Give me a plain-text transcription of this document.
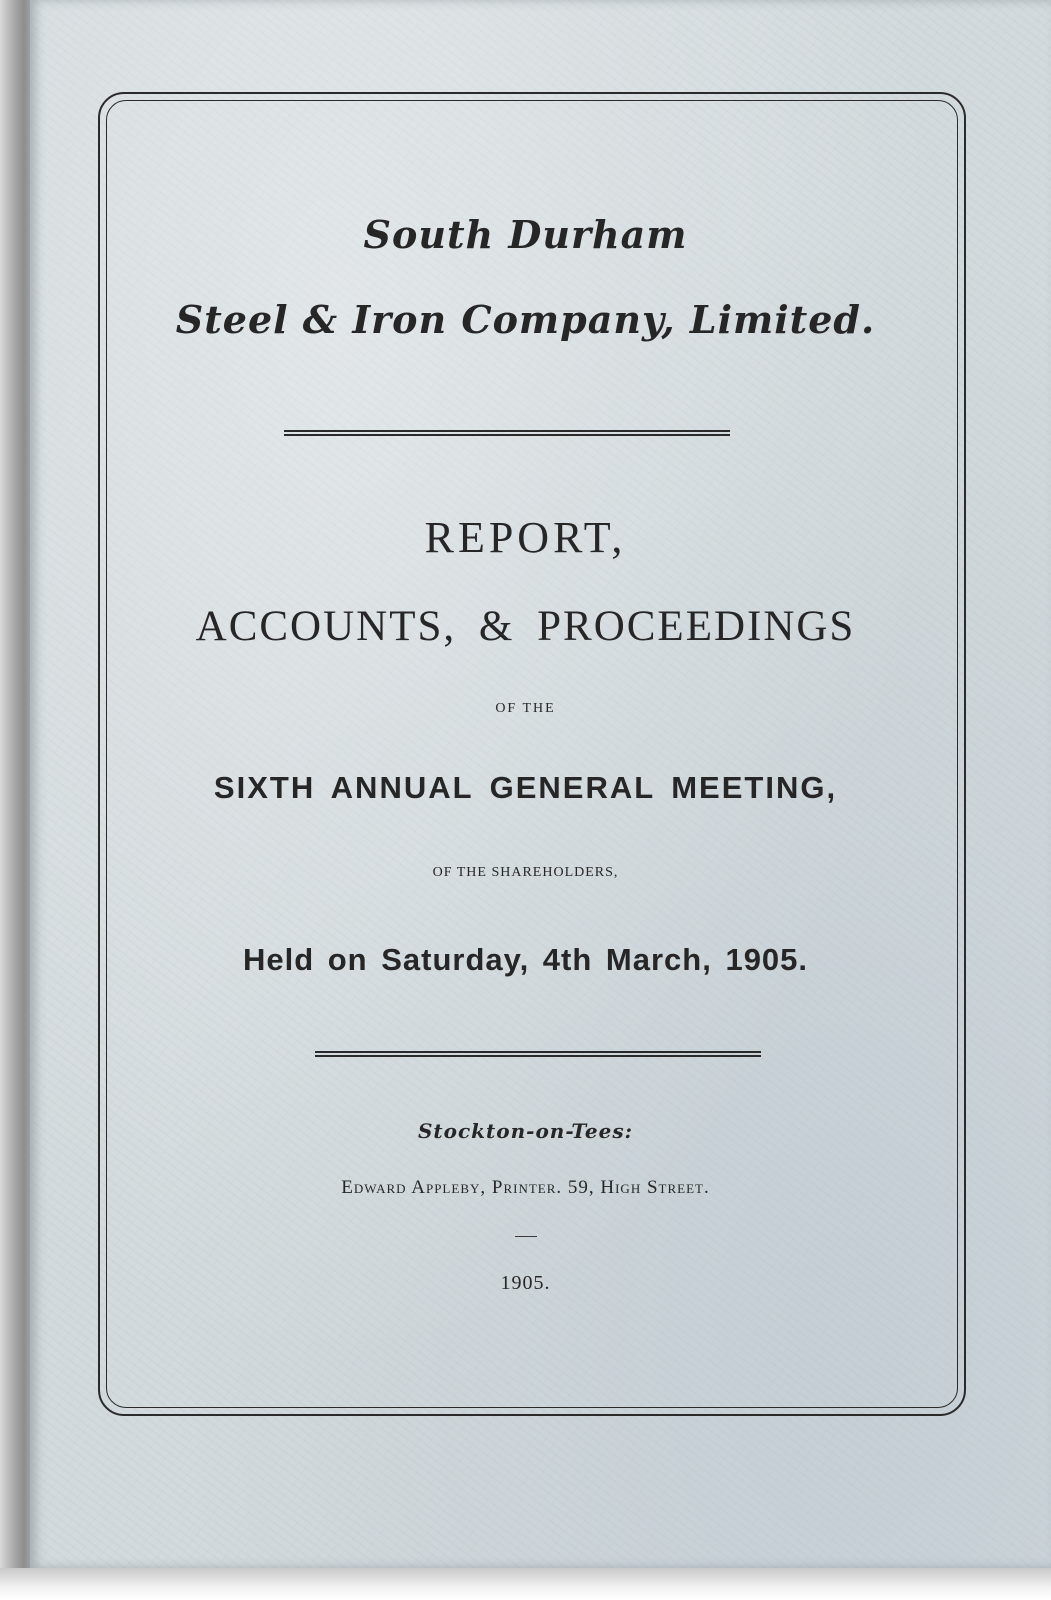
South Durham
Steel & Iron Company, Limited.
REPORT,
ACCOUNTS, & PROCEEDINGS
OF THE
SIXTH ANNUAL GENERAL MEETING,
OF THE SHAREHOLDERS,
Held on Saturday, 4th March, 1905.
Stockton-on-Tees:
Edward Appleby, Printer. 59, High Street.
1905.
